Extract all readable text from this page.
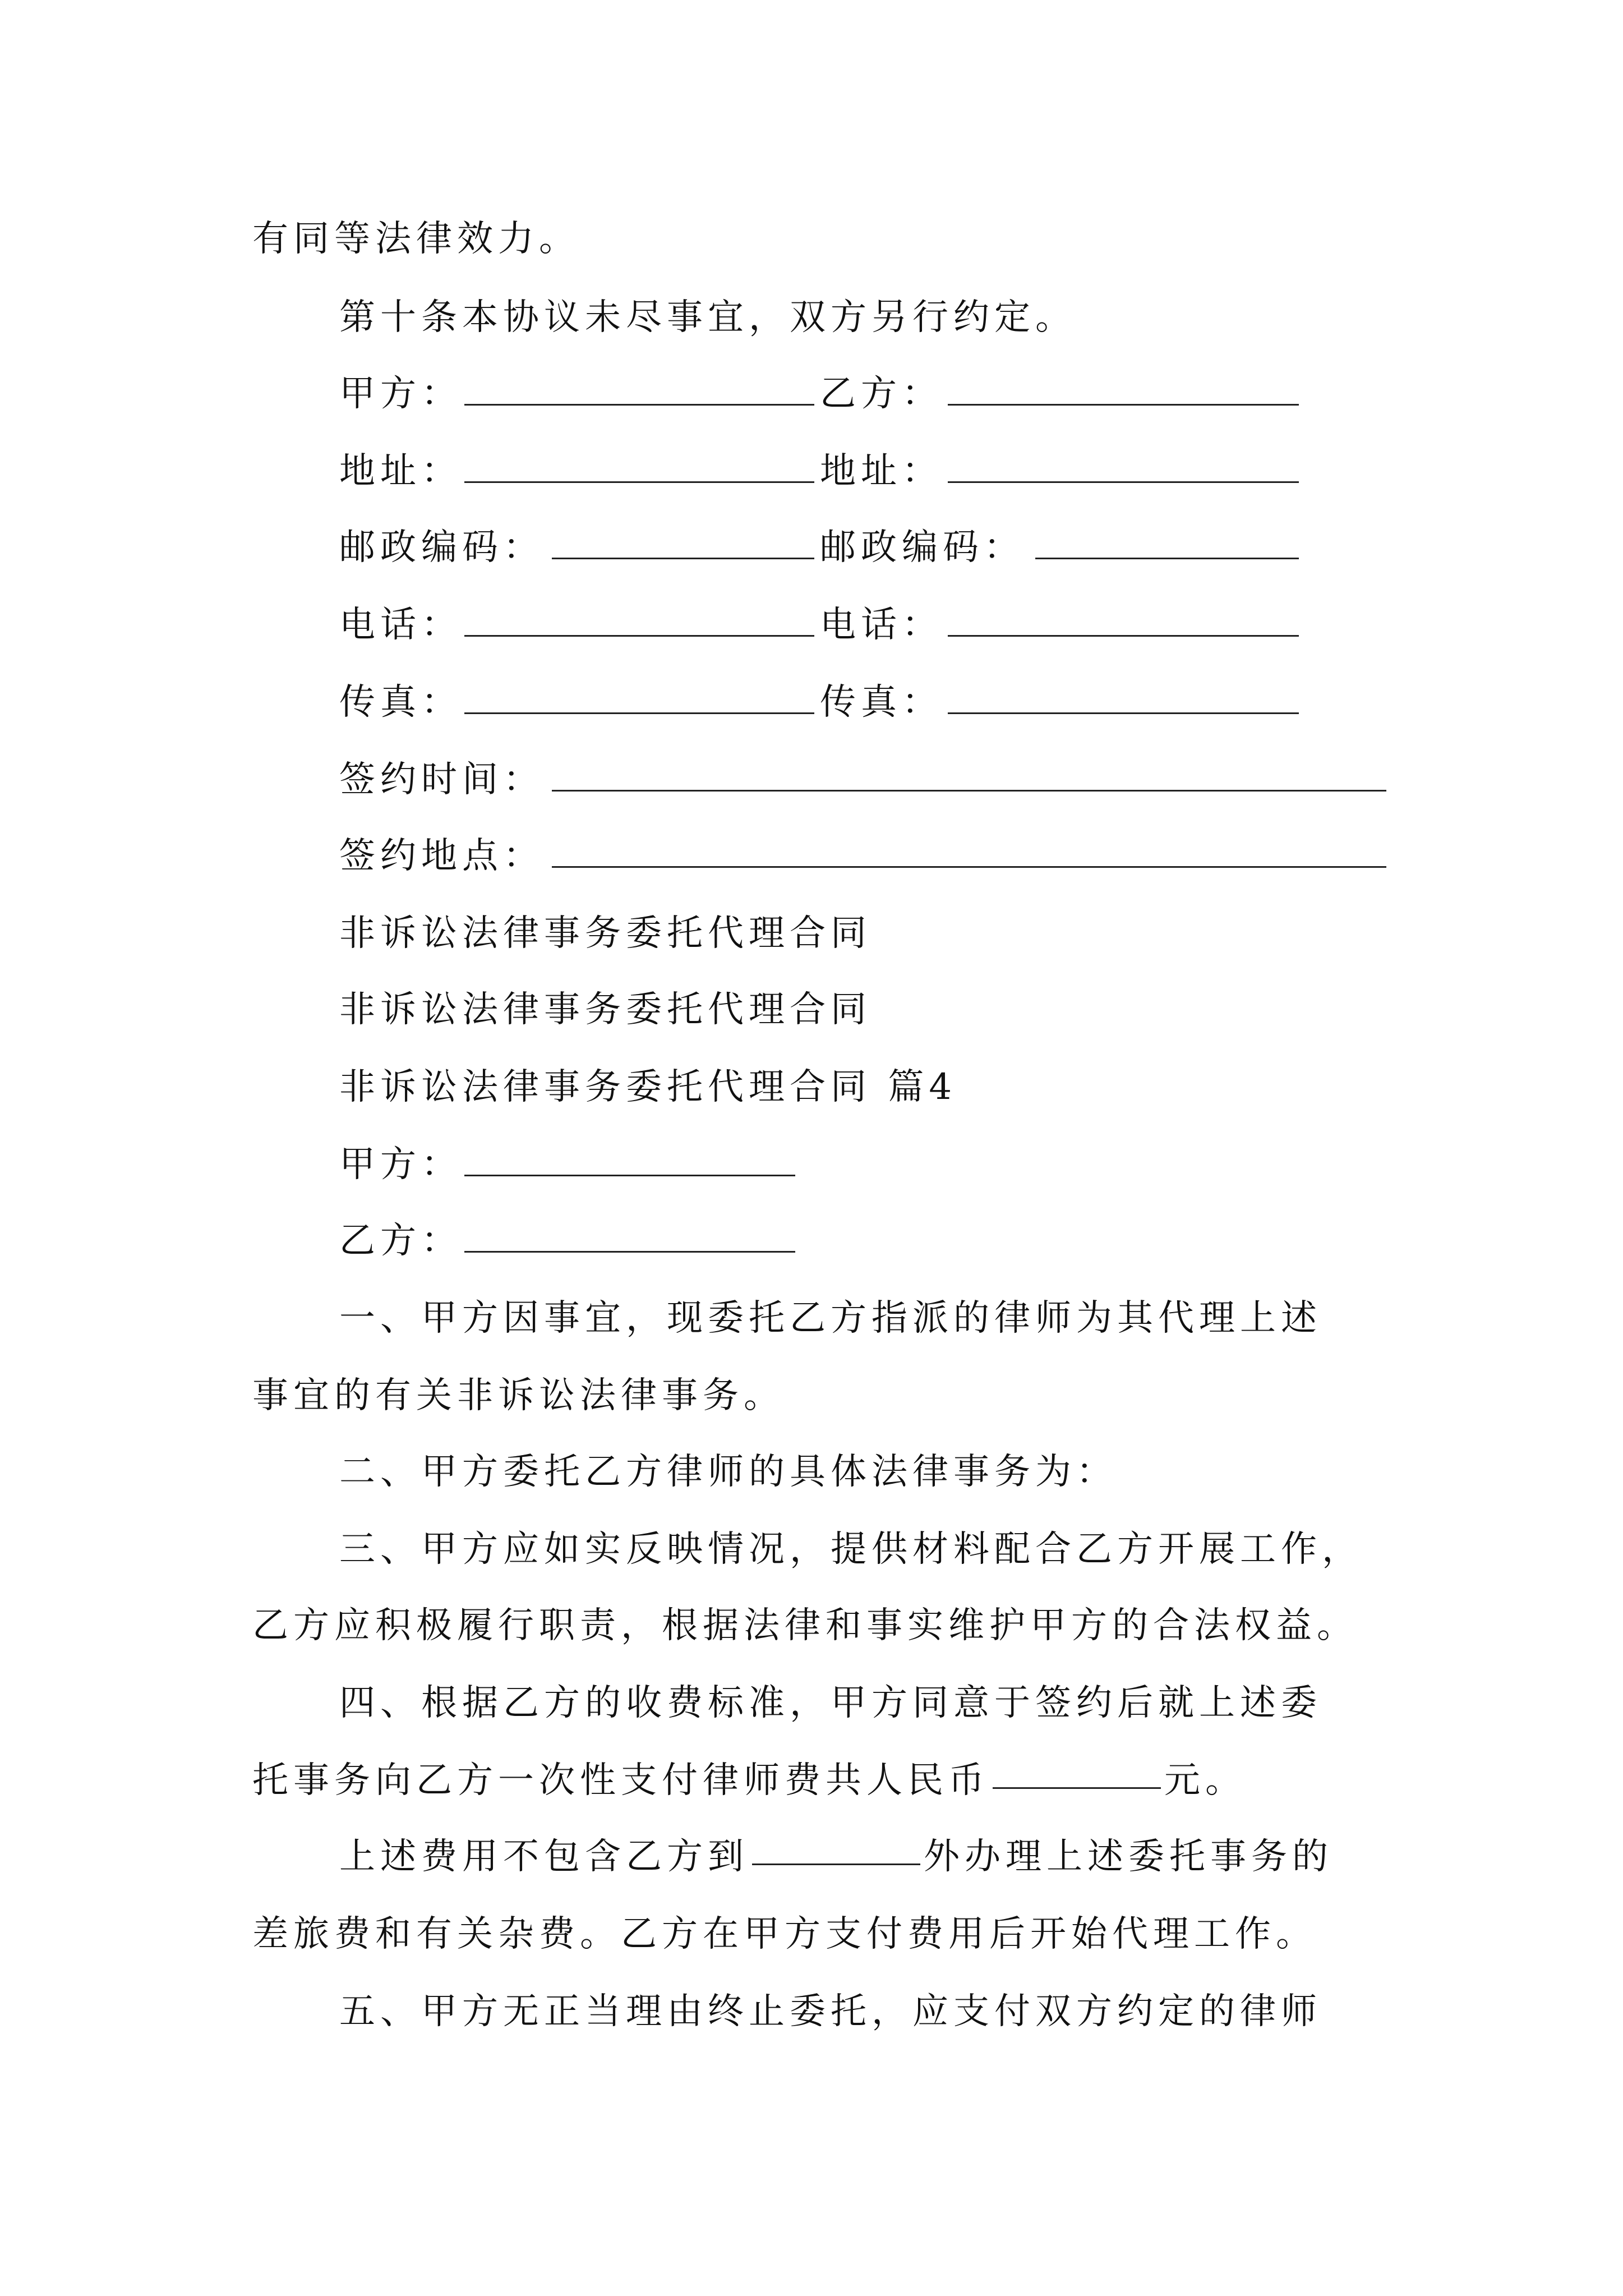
有同等法律效力。
第十条本协议未尽事宜，双方另行约定。
甲方：	乙方：
地址：	地址：
邮政编码：	邮政编码：
电话：	电话：
传真：	传真：
签约时间：
签约地点：
非诉讼法律事务委托代理合同
非诉讼法律事务委托代理合同
非诉讼法律事务委托代理合同 篇4
甲方：
乙方：
一、甲方因事宜，现委托乙方指派的律师为其代理上述
事宜的有关非诉讼法律事务。
二、甲方委托乙方律师的具体法律事务为：
三、甲方应如实反映情况，提供材料配合乙方开展工作，
乙方应积极履行职责，根据法律和事实维护甲方的合法权益。
四、根据乙方的收费标准，甲方同意于签约后就上述委
托事务向乙方一次性支付律师费共人民币	元。
上述费用不包含乙方到	外办理上述委托事务的
差旅费和有关杂费。乙方在甲方支付费用后开始代理工作。
五、甲方无正当理由终止委托，应支付双方约定的律师
